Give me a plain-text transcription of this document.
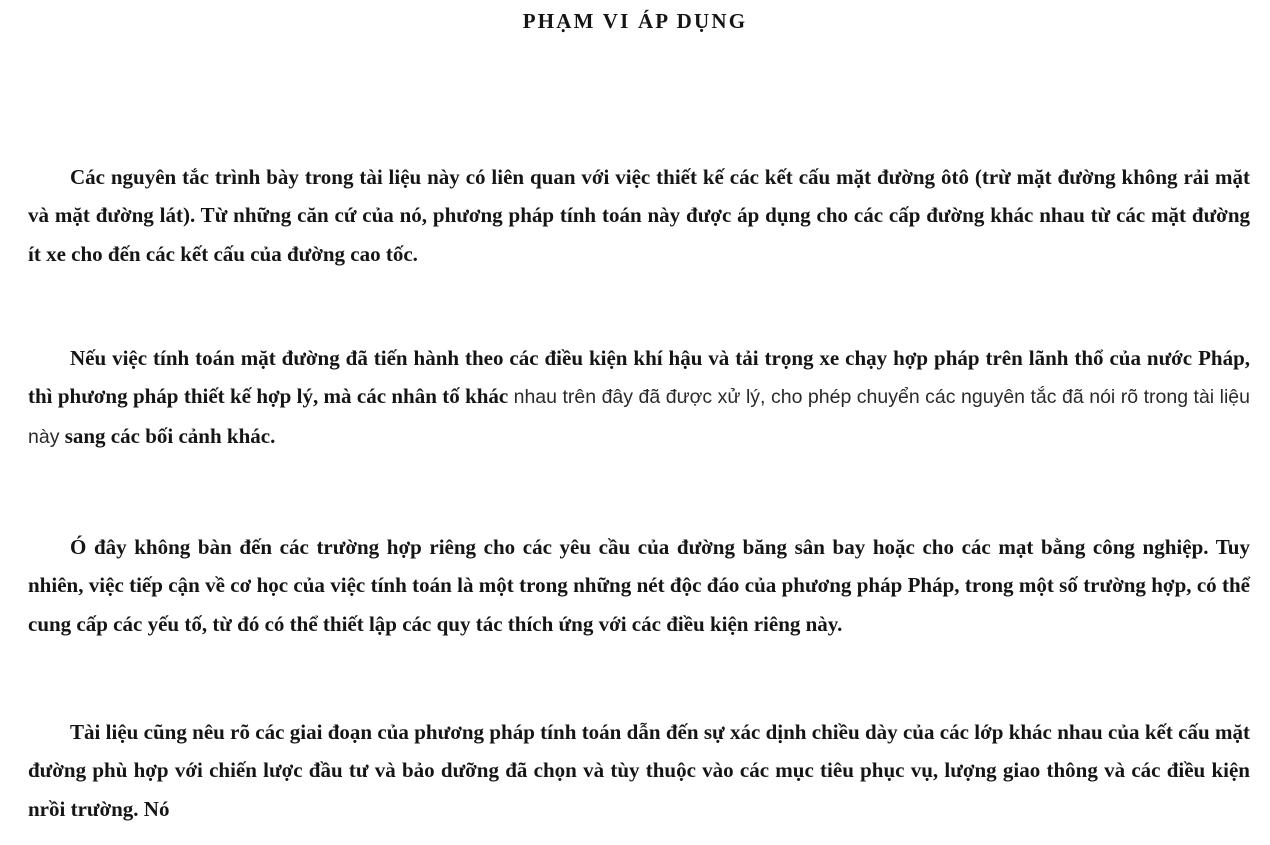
PHẠM VI ÁP DỤNG

Các nguyên tắc trình bày trong tài liệu này có liên quan với việc thiết kế các kết cấu mặt đường ôtô (trừ mặt đường không rải mặt và mặt đường lát). Từ những căn cứ của nó, phương pháp tính toán này được áp dụng cho các cấp đường khác nhau từ các mặt đường ít xe cho đến các kết cấu của đường cao tốc.

Nếu việc tính toán mặt đường đã tiến hành theo các điều kiện khí hậu và tải trọng xe chạy hợp pháp trên lãnh thổ của nước Pháp, thì phương pháp thiết kế hợp lý, mà các nhân tố khác nhau trên đây đã được xử lý, cho phép chuyển các nguyên tắc đã nói rõ trong tài liệu này sang các bối cảnh khác.

Ó đây không bàn đến các trường hợp riêng cho các yêu cầu của đường băng sân bay hoặc cho các mạt bằng công nghiệp. Tuy nhiên, việc tiếp cận về cơ học của việc tính toán là một trong những nét độc đáo của phương pháp Pháp, trong một số trường hợp, có thể cung cấp các yếu tố, từ đó có thể thiết lập các quy tác thích ứng với các điều kiện riêng này.

Tài liệu cũng nêu rõ các giai đoạn của phương pháp tính toán dẫn đến sự xác dịnh chiều dày của các lớp khác nhau của kết cấu mặt đường phù hợp với chiến lược đầu tư và bảo dưỡng đã chọn và tùy thuộc vào các mục tiêu phục vụ, lượng giao thông và các điều kiện nrồi trường. Nó
